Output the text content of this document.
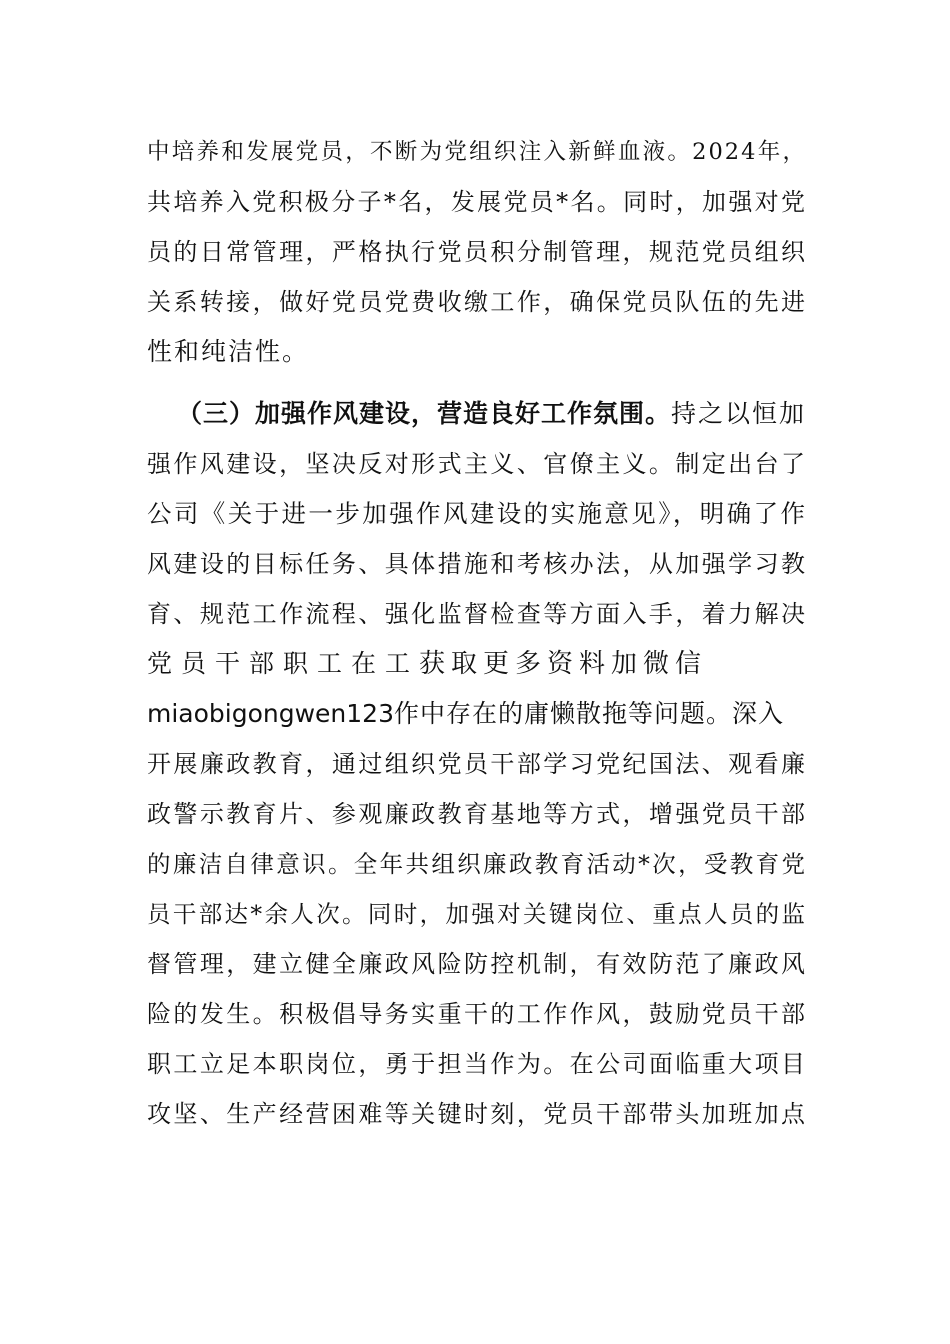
中培养和发展党员，不断为党组织注入新鲜血液。2024年，
共培养入党积极分子*名，发展党员*名。同时，加强对党
员的日常管理，严格执行党员积分制管理，规范党员组织
关系转接，做好党员党费收缴工作，确保党员队伍的先进
性和纯洁性。
（三）加强作风建设，营造良好工作氛围。持之以恒加
强作风建设，坚决反对形式主义、官僚主义。制定出台了
公司《关于进一步加强作风建设的实施意见》，明确了作
风建设的目标任务、具体措施和考核办法，从加强学习教
育、规范工作流程、强化监督检查等方面入手，着力解决
党员干部职工在工获取更多资料加微信
miaobigongwen123作中存在的庸懒散拖等问题。深入
开展廉政教育，通过组织党员干部学习党纪国法、观看廉
政警示教育片、参观廉政教育基地等方式，增强党员干部
的廉洁自律意识。全年共组织廉政教育活动*次，受教育党
员干部达*余人次。同时，加强对关键岗位、重点人员的监
督管理，建立健全廉政风险防控机制，有效防范了廉政风
险的发生。积极倡导务实重干的工作作风，鼓励党员干部
职工立足本职岗位，勇于担当作为。在公司面临重大项目
攻坚、生产经营困难等关键时刻，党员干部带头加班加点
